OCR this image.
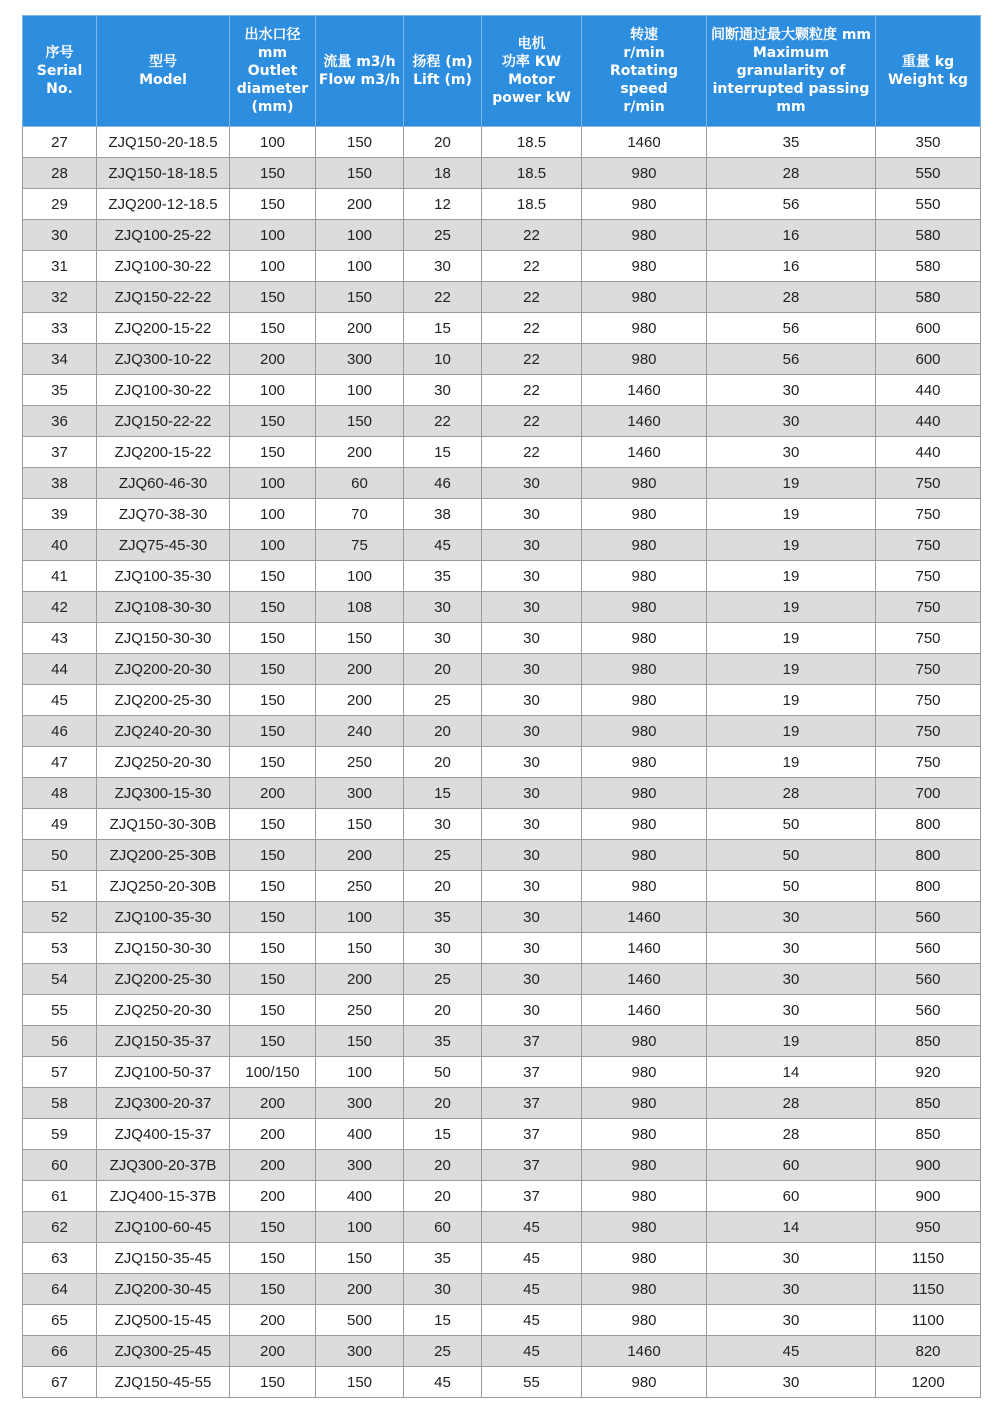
序号
Serial
No.	型号
Model	出水口径
mm
Outlet
diameter
(mm)	流量 m3/h
Flow m3/h	扬程 (m)
Lift (m)	电机
功率 KW
Motor
power kW	转速
r/min
Rotating speed
r/min	间断通过最大颗粒度 mm
Maximum
granularity of
interrupted passing
mm	重量 kg
Weight kg

27	ZJQ150-20-18.5	100	150	20	18.5	1460	35	350
28	ZJQ150-18-18.5	150	150	18	18.5	980	28	550
29	ZJQ200-12-18.5	150	200	12	18.5	980	56	550
30	ZJQ100-25-22	100	100	25	22	980	16	580
31	ZJQ100-30-22	100	100	30	22	980	16	580
32	ZJQ150-22-22	150	150	22	22	980	28	580
33	ZJQ200-15-22	150	200	15	22	980	56	600
34	ZJQ300-10-22	200	300	10	22	980	56	600
35	ZJQ100-30-22	100	100	30	22	1460	30	440
36	ZJQ150-22-22	150	150	22	22	1460	30	440
37	ZJQ200-15-22	150	200	15	22	1460	30	440
38	ZJQ60-46-30	100	60	46	30	980	19	750
39	ZJQ70-38-30	100	70	38	30	980	19	750
40	ZJQ75-45-30	100	75	45	30	980	19	750
41	ZJQ100-35-30	150	100	35	30	980	19	750
42	ZJQ108-30-30	150	108	30	30	980	19	750
43	ZJQ150-30-30	150	150	30	30	980	19	750
44	ZJQ200-20-30	150	200	20	30	980	19	750
45	ZJQ200-25-30	150	200	25	30	980	19	750
46	ZJQ240-20-30	150	240	20	30	980	19	750
47	ZJQ250-20-30	150	250	20	30	980	19	750
48	ZJQ300-15-30	200	300	15	30	980	28	700
49	ZJQ150-30-30B	150	150	30	30	980	50	800
50	ZJQ200-25-30B	150	200	25	30	980	50	800
51	ZJQ250-20-30B	150	250	20	30	980	50	800
52	ZJQ100-35-30	150	100	35	30	1460	30	560
53	ZJQ150-30-30	150	150	30	30	1460	30	560
54	ZJQ200-25-30	150	200	25	30	1460	30	560
55	ZJQ250-20-30	150	250	20	30	1460	30	560
56	ZJQ150-35-37	150	150	35	37	980	19	850
57	ZJQ100-50-37	100/150	100	50	37	980	14	920
58	ZJQ300-20-37	200	300	20	37	980	28	850
59	ZJQ400-15-37	200	400	15	37	980	28	850
60	ZJQ300-20-37B	200	300	20	37	980	60	900
61	ZJQ400-15-37B	200	400	20	37	980	60	900
62	ZJQ100-60-45	150	100	60	45	980	14	950
63	ZJQ150-35-45	150	150	35	45	980	30	1150
64	ZJQ200-30-45	150	200	30	45	980	30	1150
65	ZJQ500-15-45	200	500	15	45	980	30	1100
66	ZJQ300-25-45	200	300	25	45	1460	45	820
67	ZJQ150-45-55	150	150	45	55	980	30	1200
